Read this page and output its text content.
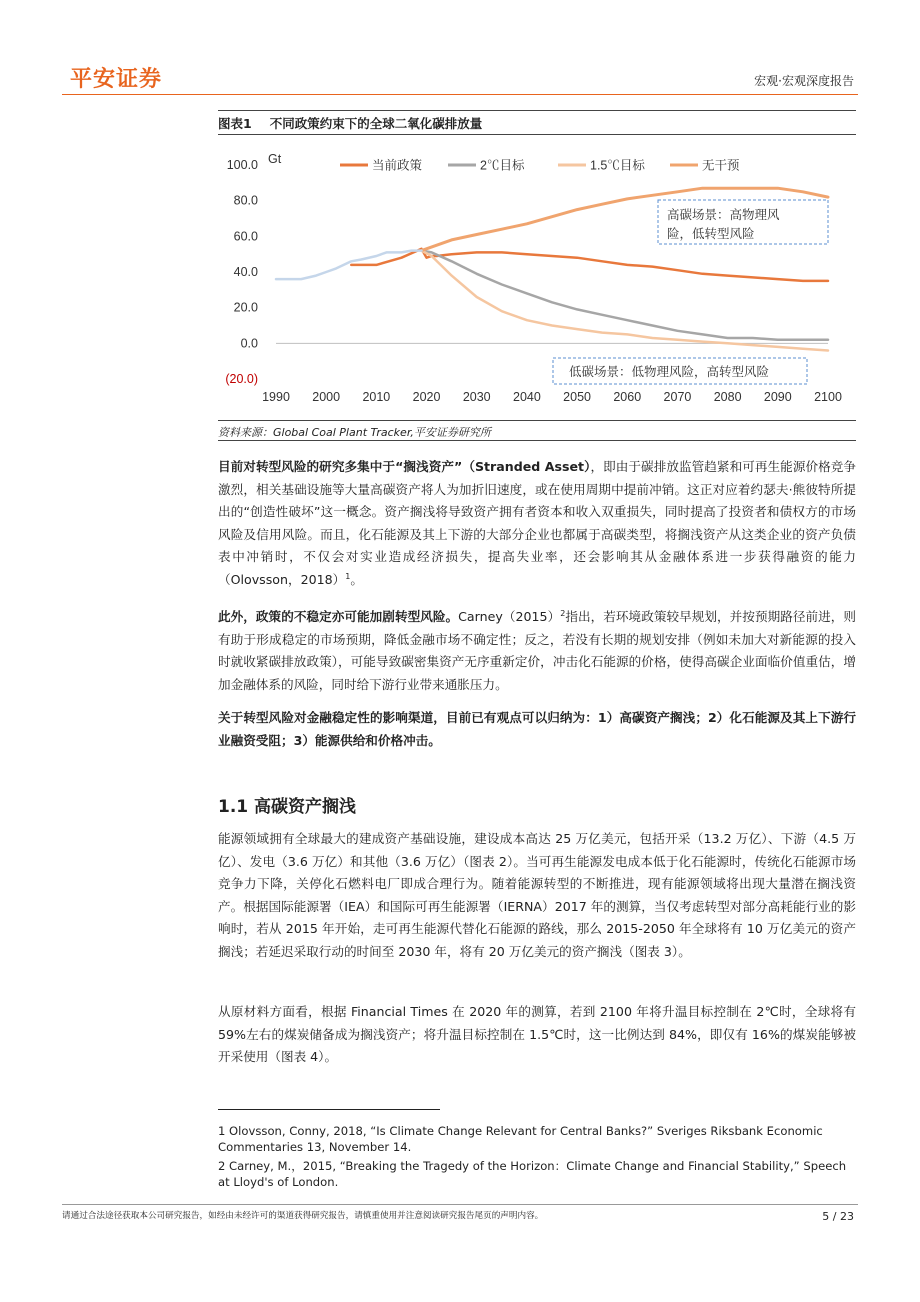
平安证券	宏观·宏观深度报告
图表1 不同政策约束下的全球二氧化碳排放量
100.0
80.0
60.0
40.0
20.0
0.0
(20.0)
1990 2000 2010 2020 2030 2040 2050 2060 2070 2080 2090 2100
Gt	当前政策	2℃目标	1.5℃目标	无干预
高碳场景：高物理风
险，低转型风险
低碳场景：低物理风险，高转型风险
资料来源：Global Coal Plant Tracker,平安证券研究所
目前对转型风险的研究多集中于“搁浅资产”（Stranded Asset），即由于碳排放监管趋紧和可再生能源价格竞争激烈，相关基础设施等大量高碳资产将人为加折旧速度，或在使用周期中提前冲销。这正对应着约瑟夫·熊彼特所提出的“创造性破坏”这一概念。资产搁浅将导致资产拥有者资本和收入双重损失，同时提高了投资者和债权方的市场风险及信用风险。而且，化石能源及其上下游的大部分企业也都属于高碳类型，将搁浅资产从这类企业的资产负债表中冲销时，不仅会对实业造成经济损失，提高失业率，还会影响其从金融体系进一步获得融资的能力（Olovsson，2018）$^1$。
此外，政策的不稳定亦可能加剧转型风险。$Carney(2015)^2$指出，若环境政策较早规划，并按预期路径前进，则有助于形成稳定的市场预期，降低金融市场不确定性；反之，若没有长期的规划安排（例如未加大对新能源的投入时就收紧碳排放政策），可能导致碳密集资产无序重新定价，冲击化石能源的价格，使得高碳企业面临价值重估，增加金融体系的风险，同时给下游行业带来通胀压力。
关于转型风险对金融稳定性的影响渠道，目前已有观点可以归纳为：1）高碳资产搁浅；2）化石能源及其上下游行业融资受阻；3）能源供给和价格冲击。
1.1 高碳资产搁浅
能源领域拥有全球最大的建成资产基础设施，建设成本高达 25 万亿美元，包括开采（13.2 万亿）、下游（4.5 万亿）、发电（3.6 万亿）和其他（3.6 万亿）（图表 2）。当可再生能源发电成本低于化石能源时，传统化石能源市场竞争力下降，关停化石燃料电厂即成合理行为。随着能源转型的不断推进，现有能源领域将出现大量潜在搁浅资产。根据国际能源署（IEA）和国际可再生能源署（IERNA）2017 年的测算，当仅考虑转型对部分高耗能行业的影响时，若从 2015 年开始，走可再生能源代替化石能源的路线，那么 2015-2050 年全球将有 10 万亿美元的资产搁浅；若延迟采取行动的时间至 2030 年，将有 20 万亿美元的资产搁浅（图表 3）。
从原材料方面看，根据 Financial Times 在 2020 年的测算，若到 2100 年将升温目标控制在 2℃时，全球将有 59%左右的煤炭储备成为搁浅资产；将升温目标控制在 1.5℃时，这一比例达到 84%，即仅有 16%的煤炭能够被开采使用（图表 4）。
1 Olovsson, Conny, 2018, “Is Climate Change Relevant for Central Banks?” Sveriges Riksbank Economic Commentaries 13, November 14.
2 Carney, M.，2015, “Breaking the Tragedy of the Horizon：Climate Change and Financial Stability,” Speech at Lloyd's of London.
请通过合法途径获取本公司研究报告，如经由未经许可的渠道获得研究报告，请慎重使用并注意阅读研究报告尾页的声明内容。	5 / 23
